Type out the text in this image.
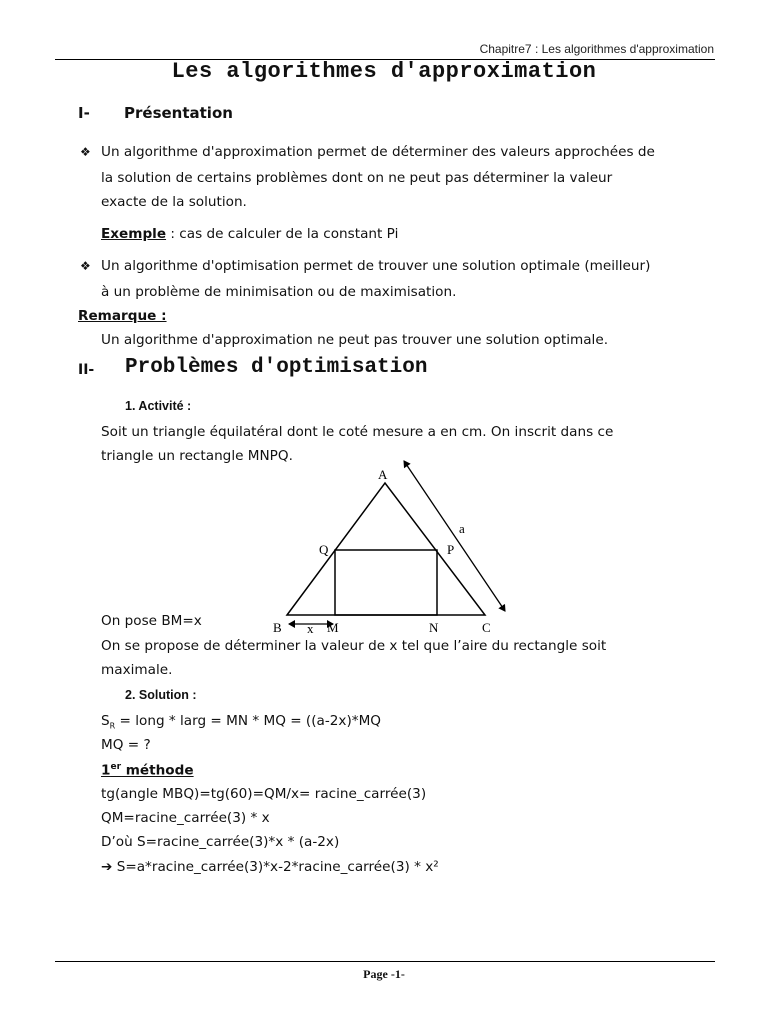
Chapitre7 : Les algorithmes d'approximation
Les algorithmes d'approximation
I- Présentation
❖ Un algorithme d'approximation permet de déterminer des valeurs approchées de
la solution de certains problèmes dont on ne peut pas déterminer la valeur
exacte de la solution.
Exemple : cas de calculer de la constant Pi
❖ Un algorithme d'optimisation permet de trouver une solution optimale (meilleur)
à un problème de minimisation ou de maximisation.
Remarque :
Un algorithme d'approximation ne peut pas trouver une solution optimale.
II- Problèmes d'optimisation
1. Activité :
Soit un triangle équilatéral dont le coté mesure a en cm. On inscrit dans ce
triangle un rectangle MNPQ.
A
Q	P
a
B x M	N	C
On pose BM=x
On se propose de déterminer la valeur de x tel que l’aire du rectangle soit
maximale.
2. Solution :
$S_R$ = long * larg = MN * MQ = ((a-2x)*MQ
MQ = ?
1er méthode
tg(angle MBQ)=tg(60)=QM/x= racine_carrée(3)
QM=racine_carrée(3) * x
D’où S=racine_carrée(3)*x * (a-2x)
➔ S=a*racine_carrée(3)*x-2*racine_carrée(3) * x²
Page -1-
